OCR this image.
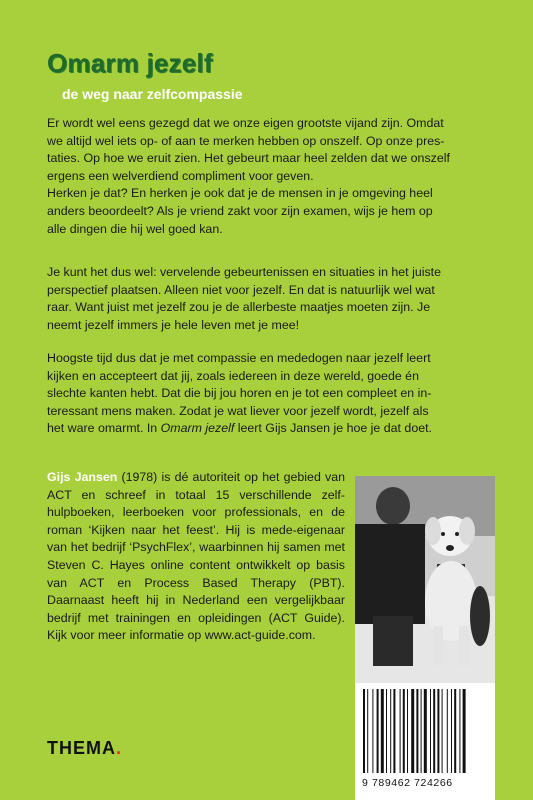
Omarm jezelf
de weg naar zelfcompassie

Er wordt wel eens gezegd dat we onze eigen grootste vijand zijn. Omdat
we altijd wel iets op- of aan te merken hebben op onszelf. Op onze pres-
taties. Op hoe we eruit zien. Het gebeurt maar heel zelden dat we onszelf
ergens een welverdiend compliment voor geven.
Herken je dat? En herken je ook dat je de mensen in je omgeving heel
anders beoordeelt? Als je vriend zakt voor zijn examen, wijs je hem op
alle dingen die hij wel goed kan.

Je kunt het dus wel: vervelende gebeurtenissen en situaties in het juiste
perspectief plaatsen. Alleen niet voor jezelf. En dat is natuurlijk wel wat
raar. Want juist met jezelf zou je de allerbeste maatjes moeten zijn. Je
neemt jezelf immers je hele leven met je mee!

Hoogste tijd dus dat je met compassie en mededogen naar jezelf leert
kijken en accepteert dat jij, zoals iedereen in deze wereld, goede én
slechte kanten hebt. Dat die bij jou horen en je tot een compleet en in-
teressant mens maken. Zodat je wat liever voor jezelf wordt, jezelf als
het ware omarmt. In Omarm jezelf leert Gijs Jansen je hoe je dat doet.

Gijs Jansen (1978) is dé autoriteit op het gebied van ACT en schreef in totaal 15 verschillende zelf-hulpboeken, leerboeken voor professionals, en de roman ‘Kijken naar het feest’. Hij is mede-eigenaar van het bedrijf ‘PsychFlex’, waarbinnen hij samen met Steven C. Hayes online content ontwikkelt op basis van ACT en Process Based Therapy (PBT). Daarnaast heeft hij in Nederland een vergelijkbaar bedrijf met trainingen en opleidingen (ACT Guide). Kijk voor meer informatie op www.act-guide.com.

9 789462 724266
THEMA.
